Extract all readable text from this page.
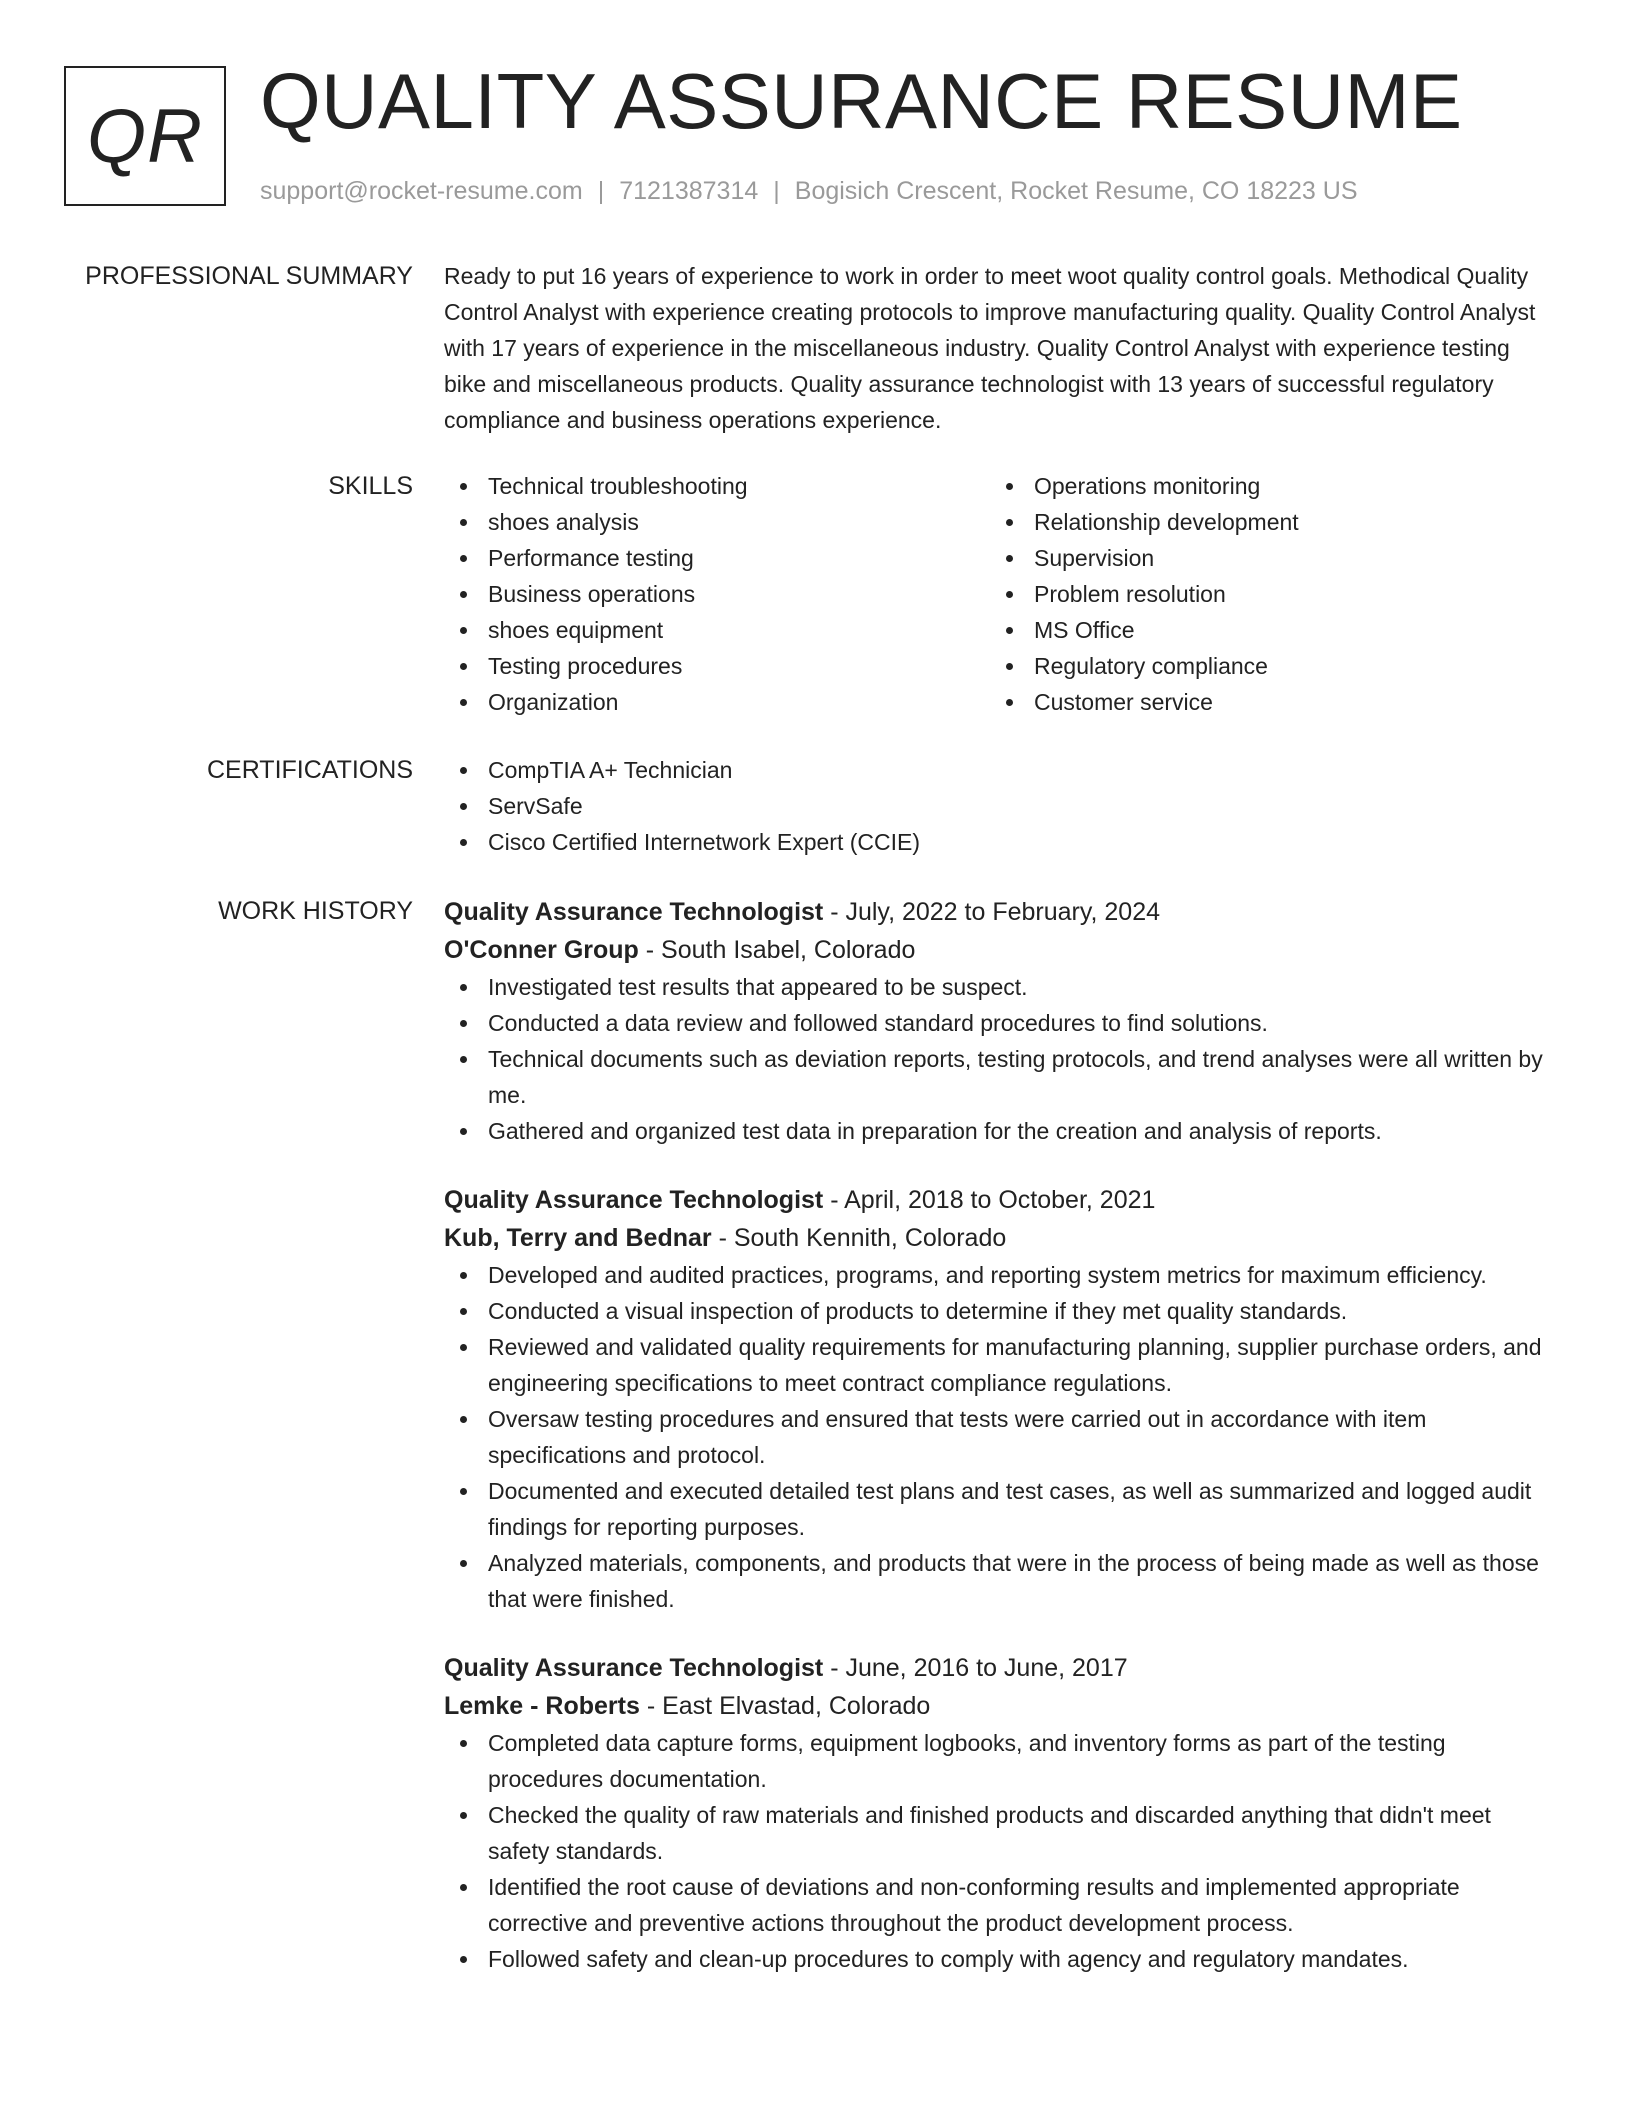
QR QUALITY ASSURANCE RESUME
support@rocket-resume.com | 7121387314 | Bogisich Crescent, Rocket Resume, CO 18223 US
PROFESSIONAL SUMMARY Ready to put 16 years of experience to work in order to meet woot quality control goals. Methodical Quality Control Analyst with experience creating protocols to improve manufacturing quality. Quality Control Analyst with 17 years of experience in the miscellaneous industry. Quality Control Analyst with experience testing bike and miscellaneous products. Quality assurance technologist with 13 years of successful regulatory compliance and business operations experience.

SKILLS	Technical troubleshooting
shoes analysis
Performance testing
Business operations
shoes equipment
Testing procedures
Organization
Operations monitoring
Relationship development
Supervision
Problem resolution
MS Office
Regulatory compliance
Customer service
CERTIFICATIONS	CompTIA A+ Technician
ServSafe
Cisco Certified Internetwork Expert (CCIE)
WORK HISTORY Quality Assurance Technologist - July, 2022 to February, 2024
O'Conner Group - South Isabel, Colorado
Investigated test results that appeared to be suspect.
Conducted a data review and followed standard procedures to find solutions.
Technical documents such as deviation reports, testing protocols, and trend analyses were all written by me.
Gathered and organized test data in preparation for the creation and analysis of reports.
Quality Assurance Technologist - April, 2018 to October, 2021
Kub, Terry and Bednar - South Kennith, Colorado
Developed and audited practices, programs, and reporting system metrics for maximum efficiency.
Conducted a visual inspection of products to determine if they met quality standards.
Reviewed and validated quality requirements for manufacturing planning, supplier purchase orders, and engineering specifications to meet contract compliance regulations.
Oversaw testing procedures and ensured that tests were carried out in accordance with item specifications and protocol.
Documented and executed detailed test plans and test cases, as well as summarized and logged audit findings for reporting purposes.
Analyzed materials, components, and products that were in the process of being made as well as those that were finished.
Quality Assurance Technologist - June, 2016 to June, 2017
Lemke - Roberts - East Elvastad, Colorado
Completed data capture forms, equipment logbooks, and inventory forms as part of the testing procedures documentation.
Checked the quality of raw materials and finished products and discarded anything that didn't meet safety standards.
Identified the root cause of deviations and non-conforming results and implemented appropriate corrective and preventive actions throughout the product development process.
Followed safety and clean-up procedures to comply with agency and regulatory mandates.
